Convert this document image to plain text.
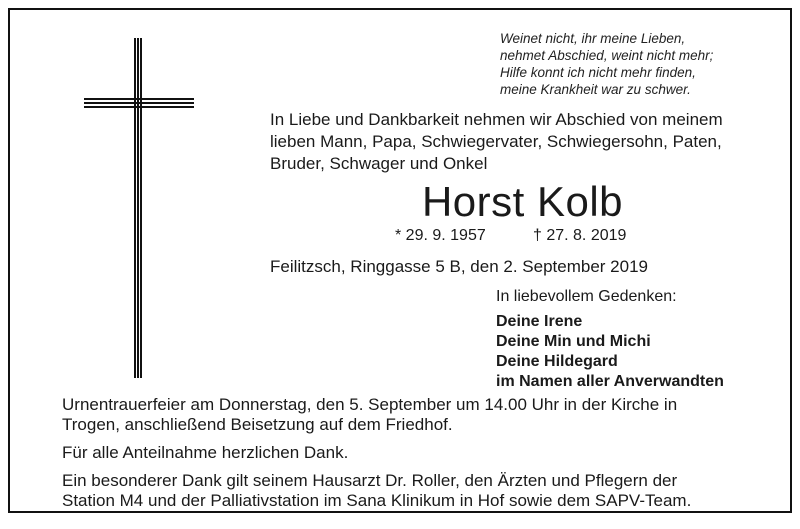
Weinet nicht, ihr meine Lieben,
nehmet Abschied, weint nicht mehr;
Hilfe konnt ich nicht mehr finden,
meine Krankheit war zu schwer.
In Liebe und Dankbarkeit nehmen wir Abschied von meinem
lieben Mann, Papa, Schwiegervater, Schwiegersohn, Paten,
Bruder, Schwager und Onkel
Horst Kolb
* 29. 9. 1957	† 27. 8. 2019
Feilitzsch, Ringgasse 5 B, den 2. September 2019
In liebevollem Gedenken:
Deine Irene
Deine Min und Michi
Deine Hildegard
im Namen aller Anverwandten

Urnentrauerfeier am Donnerstag, den 5. September um 14.00 Uhr in der Kirche in
Trogen, anschließend Beisetzung auf dem Friedhof.

Für alle Anteilnahme herzlichen Dank.

Ein besonderer Dank gilt seinem Hausarzt Dr. Roller, den Ärzten und Pflegern der
Station M4 und der Palliativstation im Sana Klinikum in Hof sowie dem SAPV-Team.
